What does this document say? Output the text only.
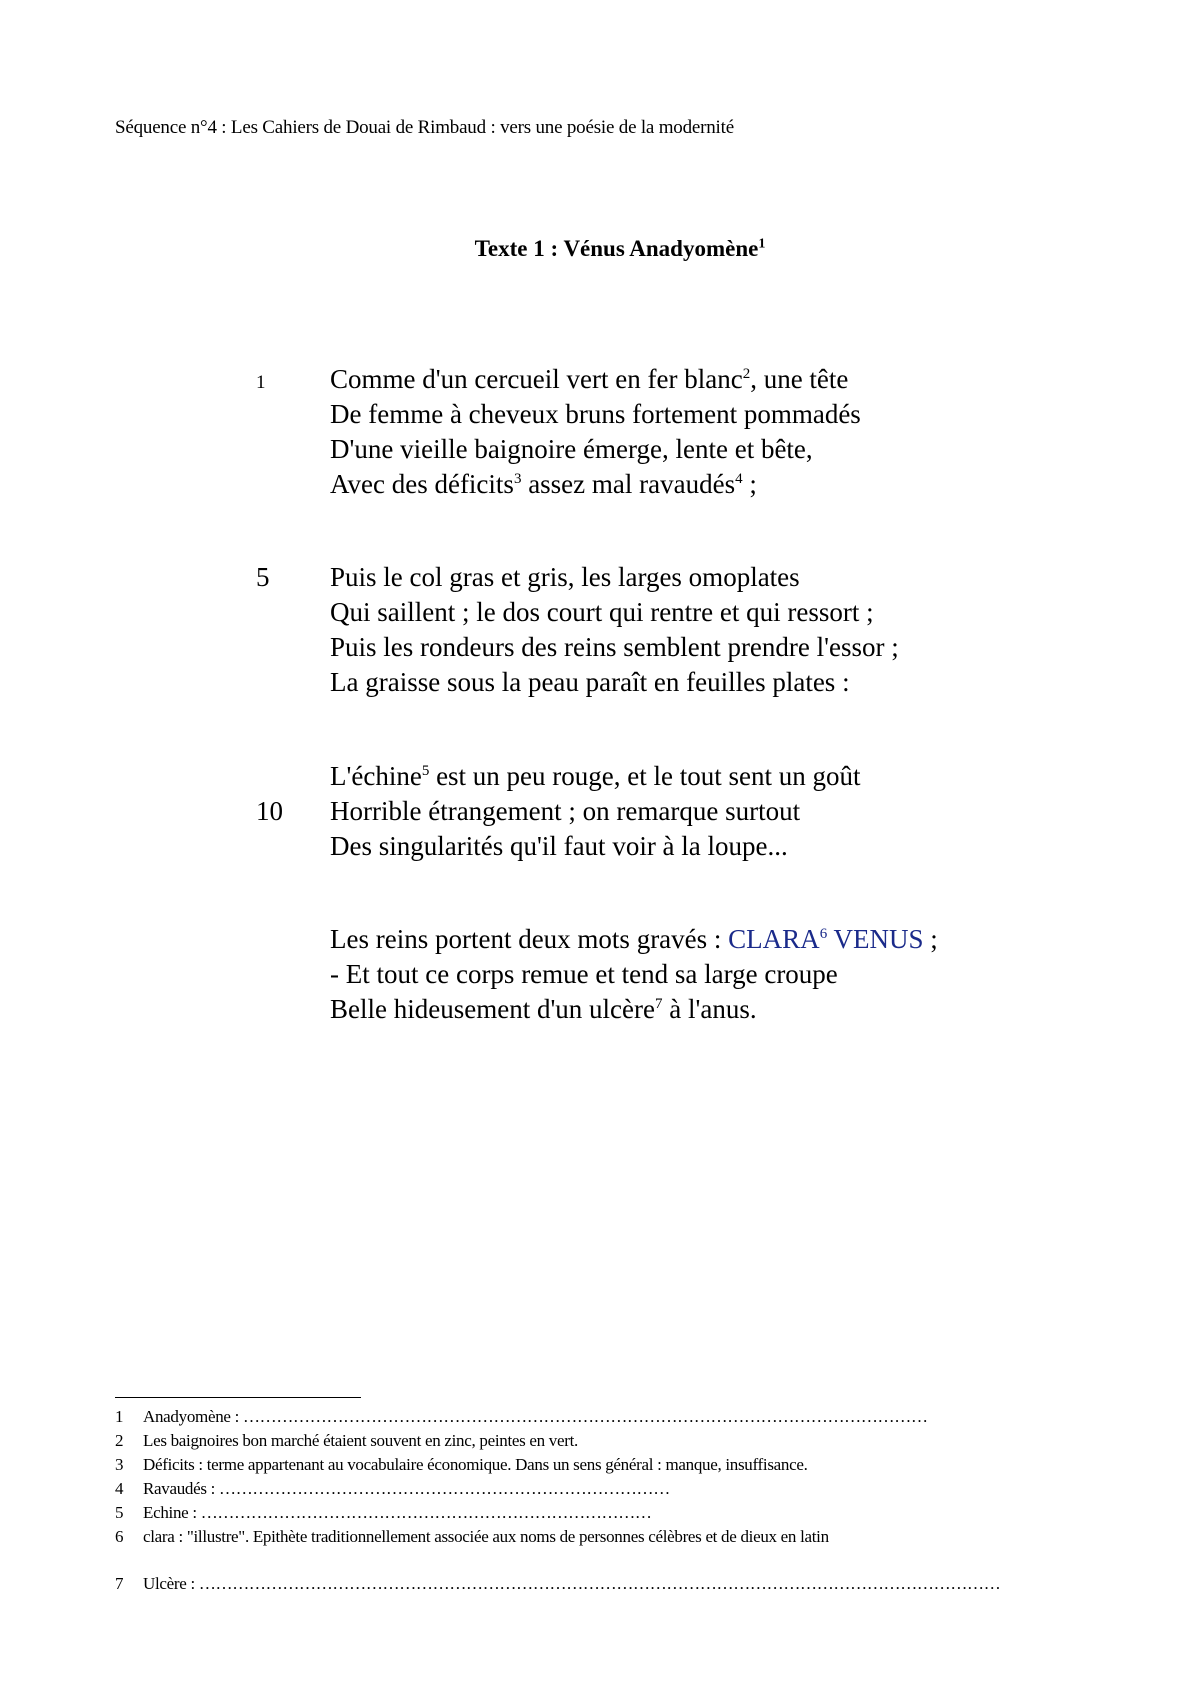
Séquence n°4 : Les Cahiers de Douai de Rimbaud : vers une poésie de la modernité
Texte 1 : Vénus Anadyomène$^1$
1 Comme d'un cercueil vert en fer blanc$^2$, une tête
De femme à cheveux bruns fortement pommadés
D'une vieille baignoire émerge, lente et bête,
Avec des déficits$^3$ assez mal ravaudés$^4$ ;
5 Puis le col gras et gris, les larges omoplates
Qui saillent ; le dos court qui rentre et qui ressort ;
Puis les rondeurs des reins semblent prendre l'essor ;
La graisse sous la peau paraît en feuilles plates :
L'échine$^5$ est un peu rouge, et le tout sent un goût
10 Horrible étrangement ; on remarque surtout
Des singularités qu'il faut voir à la loupe...
Les reins portent deux mots gravés : CLARA$^6$ VENUS ;
- Et tout ce corps remue et tend sa large croupe
Belle hideusement d'un ulcère$^7$ à l'anus.
1 Anadyomène : ……………………………………………………………………………………………………………
2 Les baignoires bon marché étaient souvent en zinc, peintes en vert.
3 Déficits : terme appartenant au vocabulaire économique. Dans un sens général : manque, insuffisance.
4 Ravaudés : ………………………………………………………………………
5 Echine : ………………………………………………………………………
6 clara : "illustre". Epithète traditionnellement associée aux noms de personnes célèbres et de dieux en latin
7 Ulcère : ………………………………………………………………………………………………………………………………
